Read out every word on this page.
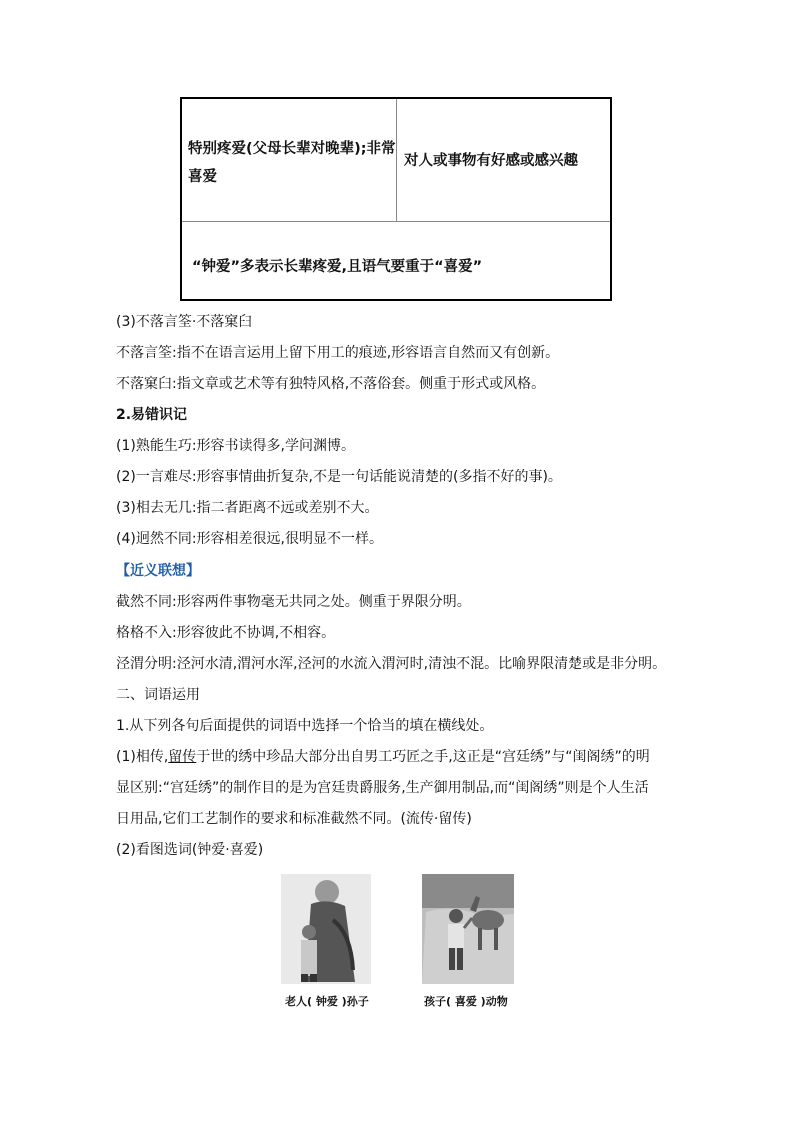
特别疼爱(父母长辈对晚辈);非常喜爱
对人或事物有好感或感兴趣
“钟爱”多表示长辈疼爱,且语气要重于“喜爱”
(3)不落言筌·不落窠臼
不落言筌:指不在语言运用上留下用工的痕迹,形容语言自然而又有创新。
不落窠臼:指文章或艺术等有独特风格,不落俗套。侧重于形式或风格。
2.易错识记
(1)熟能生巧:形容书读得多,学问渊博。
(2)一言难尽:形容事情曲折复杂,不是一句话能说清楚的(多指不好的事)。
(3)相去无几:指二者距离不远或差别不大。
(4)迥然不同:形容相差很远,很明显不一样。
【近义联想】
截然不同:形容两件事物毫无共同之处。侧重于界限分明。
格格不入:形容彼此不协调,不相容。
泾渭分明:泾河水清,渭河水浑,泾河的水流入渭河时,清浊不混。比喻界限清楚或是非分明。
二、词语运用
1.从下列各句后面提供的词语中选择一个恰当的填在横线处。
(1)相传,留传于世的绣中珍品大部分出自男工巧匠之手,这正是“宫廷绣”与“闺阁绣”的明
显区别:“宫廷绣”的制作目的是为宫廷贵爵服务,生产御用制品,而“闺阁绣”则是个人生活
日用品,它们工艺制作的要求和标准截然不同。(流传·留传)
(2)看图选词(钟爱·喜爱)
老人( 钟爱 )孙子	孩子( 喜爱 )动物
